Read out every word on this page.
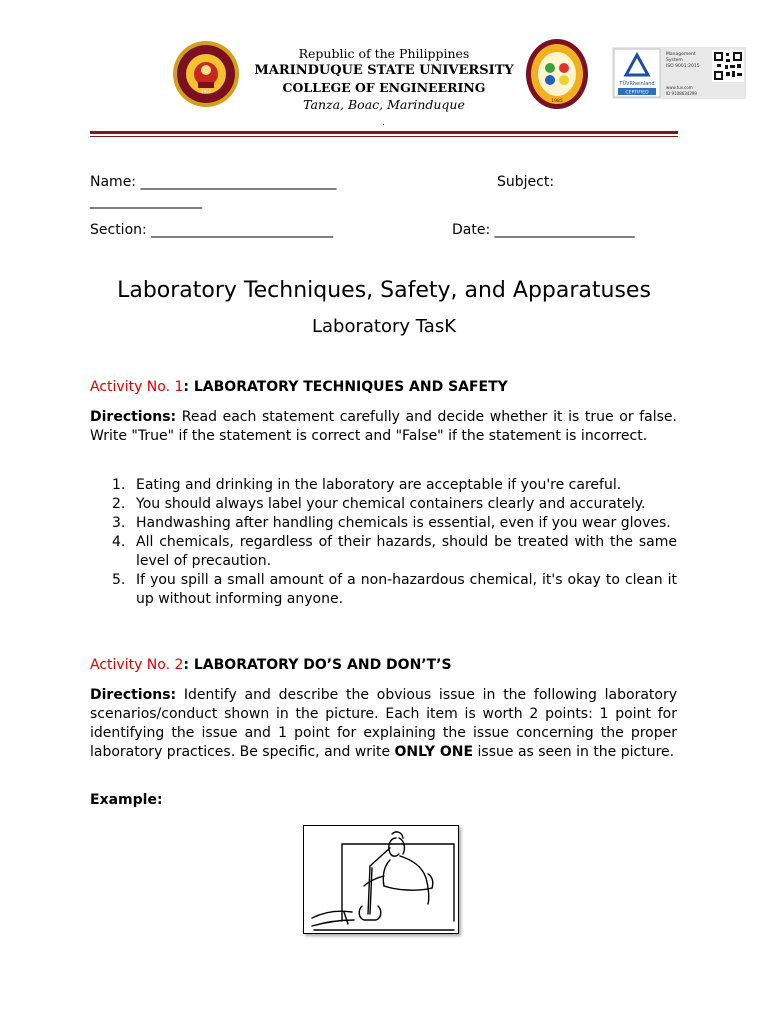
1952
1985
TÜVRheinland
CERTIFIED
Management
System
ISO 9001:2015
www.tuv.com
ID 9108634299
Republic of the Philippines
MARINDUQUE STATE UNIVERSITY
COLLEGE OF ENGINEERING
Tanza, Boac, Marinduque
.
Name: ____________________________	Subject:
________________
Section: __________________________	Date: ____________________
Laboratory Techniques, Safety, and Apparatuses
Laboratory TasK
Activity No. 1: LABORATORY TECHNIQUES AND SAFETY
Directions: Read each statement carefully and decide whether it is true or false. Write "True" if the statement is correct and "False" if the statement is incorrect.
1. Eating and drinking in the laboratory are acceptable if you're careful.
2. You should always label your chemical containers clearly and accurately.
3. Handwashing after handling chemicals is essential, even if you wear gloves.
4. All chemicals, regardless of their hazards, should be treated with the same level of precaution.
5. If you spill a small amount of a non-hazardous chemical, it's okay to clean it up without informing anyone.
Activity No. 2: LABORATORY DO’S AND DON’T’S
Directions: Identify and describe the obvious issue in the following laboratory scenarios/conduct shown in the picture. Each item is worth 2 points: 1 point for identifying the issue and 1 point for explaining the issue concerning the proper laboratory practices. Be specific, and write ONLY ONE issue as seen in the picture.
Example:
